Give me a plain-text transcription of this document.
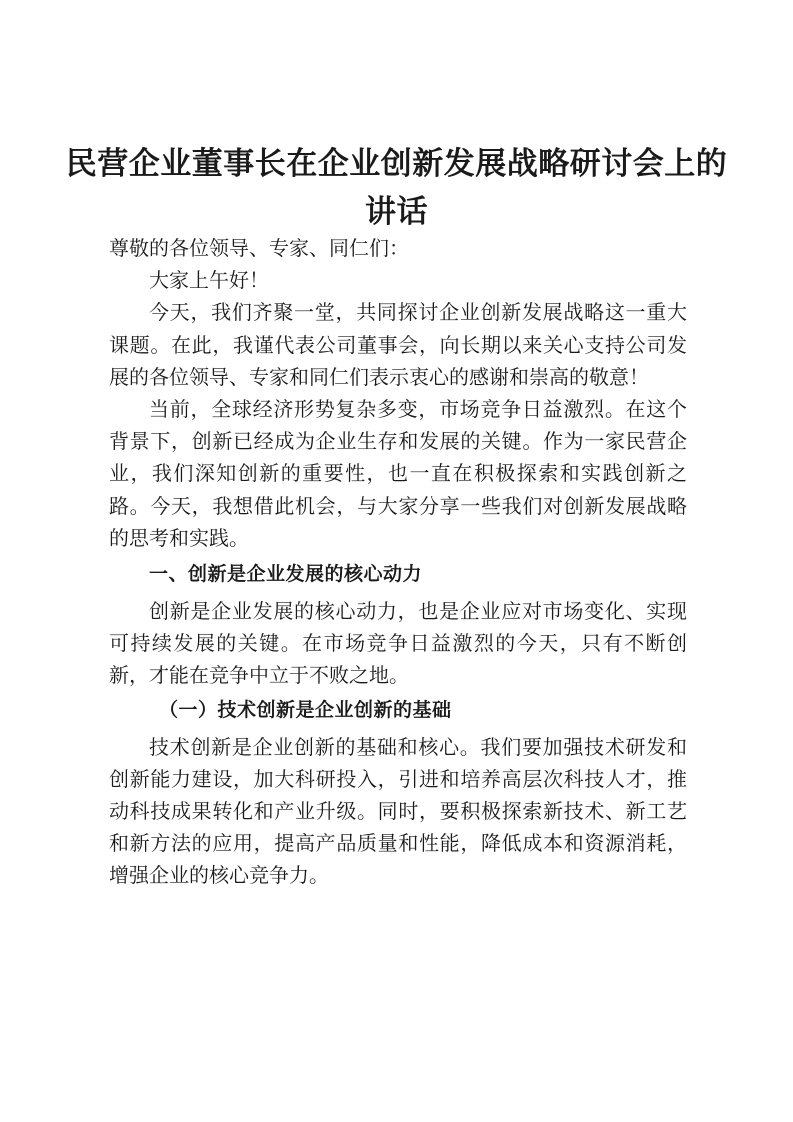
民营企业董事长在企业创新发展战略研讨会上的讲话

尊敬的各位领导、专家、同仁们：

大家上午好！

今天，我们齐聚一堂，共同探讨企业创新发展战略这一重大课题。在此，我谨代表公司董事会，向长期以来关心支持公司发展的各位领导、专家和同仁们表示衷心的感谢和崇高的敬意！

当前，全球经济形势复杂多变，市场竞争日益激烈。在这个背景下，创新已经成为企业生存和发展的关键。作为一家民营企业，我们深知创新的重要性，也一直在积极探索和实践创新之路。今天，我想借此机会，与大家分享一些我们对创新发展战略的思考和实践。

一、创新是企业发展的核心动力

创新是企业发展的核心动力，也是企业应对市场变化、实现可持续发展的关键。在市场竞争日益激烈的今天，只有不断创新，才能在竞争中立于不败之地。

（一）技术创新是企业创新的基础

技术创新是企业创新的基础和核心。我们要加强技术研发和创新能力建设，加大科研投入，引进和培养高层次科技人才，推动科技成果转化和产业升级。同时，要积极探索新技术、新工艺和新方法的应用，提高产品质量和性能，降低成本和资源消耗，增强企业的核心竞争力。
